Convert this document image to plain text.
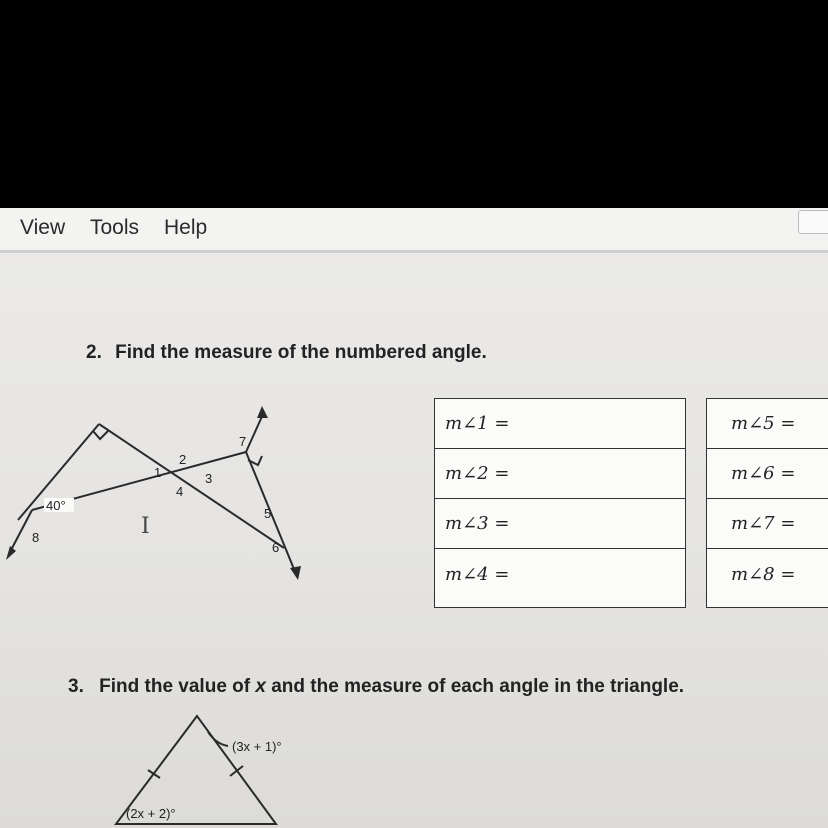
View Tools Help
2. Find the measure of the numbered angle.
40°
1
2
3
4
5
6
7
8	I
m∠1 =
m∠2 =
m∠3 =
m∠4 =
m∠5 =
m∠6 =
m∠7 =
m∠8 =
3. Find the value of x and the measure of each angle in the triangle.
(3x + 1)°
(2x + 2)°
